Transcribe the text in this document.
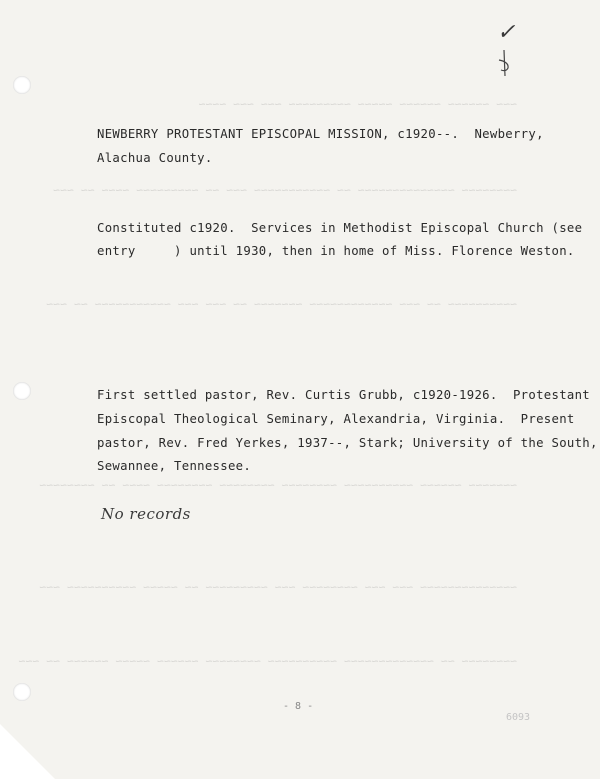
~~~ ~~~~~~ ~~~~~~ ~~~~~ ~~~~~~~~~ ~~~ ~~~ ~~~~
~~~~~~~~ ~~~~~~~~~~~~~~ ~~ ~~~~~~~~~~~ ~~~ ~~ ~~~~~~~~~ ~~~~ ~~ ~~~
~~~~~~~~~~ ~~ ~~~ ~~~~~~~~~~~~ ~~~~~~~ ~~ ~~~ ~~~ ~~~~~~~~~~~ ~~ ~~~
~~~~~~~ ~~~~~~ ~~~~~~~~~~ ~~~~~~~~ ~~~~~~~~ ~~~~~~~~ ~~~~ ~~ ~~~~~~~~
~~~~~~~~~~~~~~ ~~~ ~~~ ~~~~~~~~ ~~~ ~~~~~~~~~ ~~ ~~~~~ ~~~~~~~~~~ ~~~
~~~~~~~~ ~~ ~~~~~~~~~~~~~ ~~~~~~~~~~ ~~~~~~~~ ~~~~~~ ~~~~~ ~~~~~~ ~~ ~~~
✓
NEWBERRY PROTESTANT EPISCOPAL MISSION, c1920--.  Newberry,
Alachua County.
Constituted c1920.  Services in Methodist Episcopal Church (see
entry     ) until 1930, then in home of Miss. Florence Weston.
First settled pastor, Rev. Curtis Grubb, c1920-1926.  Protestant
Episcopal Theological Seminary, Alexandria, Virginia.  Present
pastor, Rev. Fred Yerkes, 1937--, Stark; University of the South,
Sewannee, Tennessee.
No records
- 8 -
6093
